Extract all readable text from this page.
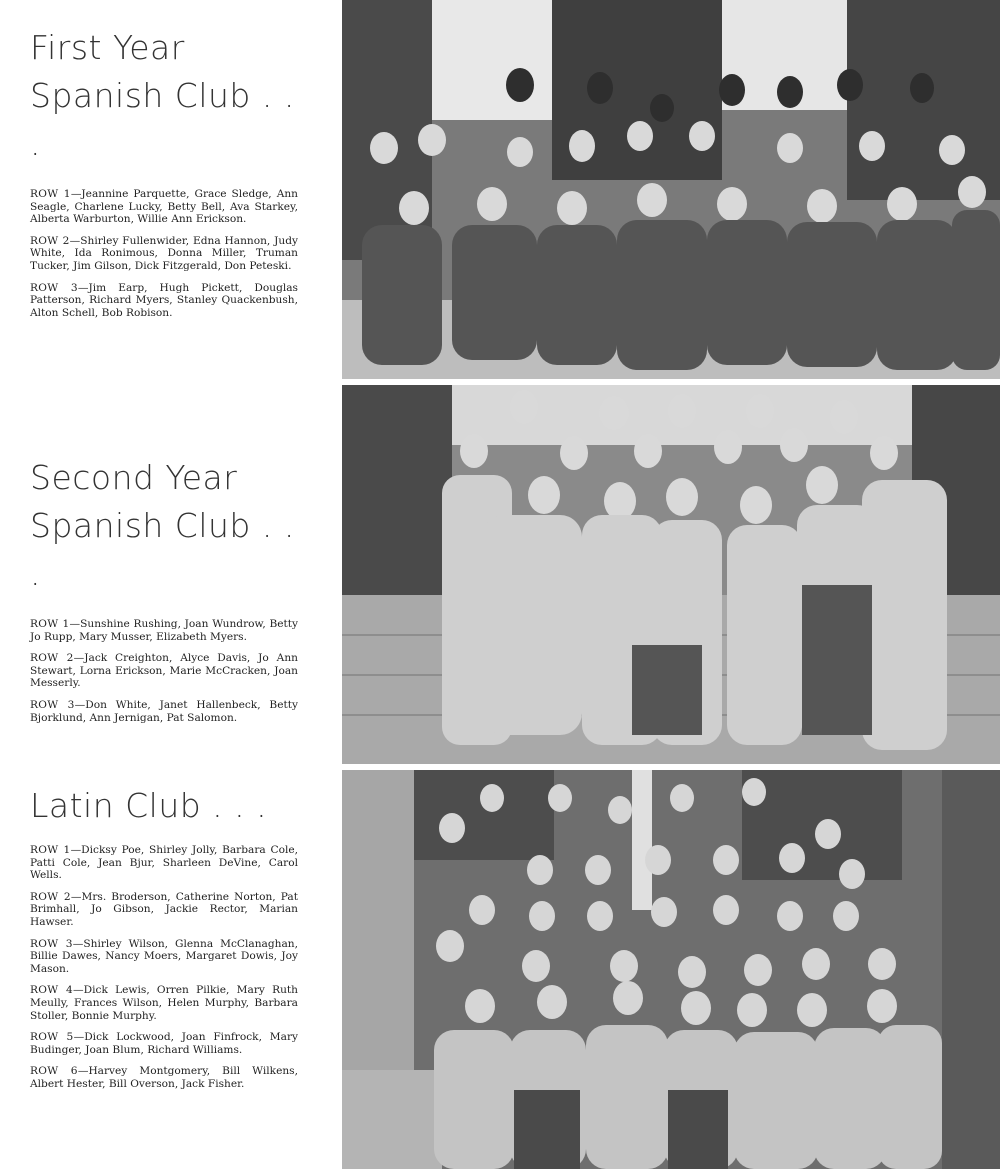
First Year
Spanish Club . . .

ROW 1—Jeannine Parquette, Grace Sledge, Ann Seagle, Charlene Lucky, Betty Bell, Ava Starkey, Alberta Warburton, Willie Ann Erickson.

ROW 2—Shirley Fullenwider, Edna Hannon, Judy White, Ida Ronimous, Donna Miller, Truman Tucker, Jim Gilson, Dick Fitzgerald, Don Peteski.

ROW 3—Jim Earp, Hugh Pickett, Douglas Patterson, Richard Myers, Stanley Quackenbush, Alton Schell, Bob Robison.

Second Year
Spanish Club . . .

ROW 1—Sunshine Rushing, Joan Wundrow, Betty Jo Rupp, Mary Musser, Elizabeth Myers.

ROW 2—Jack Creighton, Alyce Davis, Jo Ann Stewart, Lorna Erickson, Marie McCracken, Joan Messerly.

ROW 3—Don White, Janet Hallenbeck, Betty Bjorklund, Ann Jernigan, Pat Salomon.

Latin Club . . .

ROW 1—Dicksy Poe, Shirley Jolly, Barbara Cole, Patti Cole, Jean Bjur, Sharleen DeVine, Carol Wells.

ROW 2—Mrs. Broderson, Catherine Norton, Pat Brimhall, Jo Gibson, Jackie Rector, Marian Hawser.

ROW 3—Shirley Wilson, Glenna McClanaghan, Billie Dawes, Nancy Moers, Margaret Dowis, Joy Mason.

ROW 4—Dick Lewis, Orren Pilkie, Mary Ruth Meully, Frances Wilson, Helen Murphy, Barbara Stoller, Bonnie Murphy.

ROW 5—Dick Lockwood, Joan Finfrock, Mary Budinger, Joan Blum, Richard Williams.

ROW 6—Harvey Montgomery, Bill Wilkens, Albert Hester, Bill Overson, Jack Fisher.
